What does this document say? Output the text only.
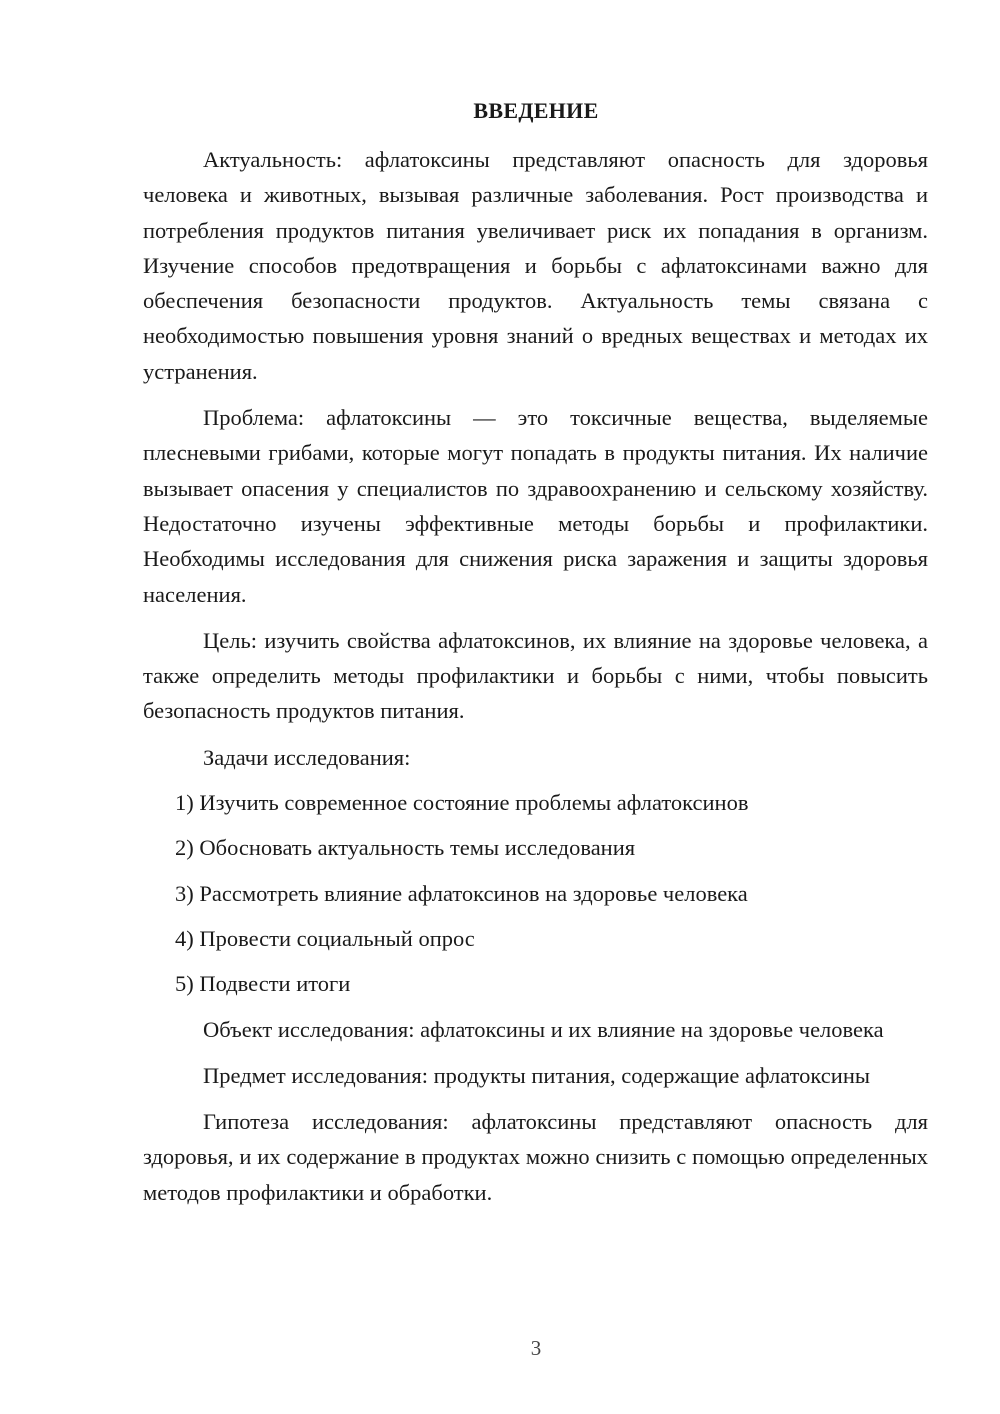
ВВЕДЕНИЕ

Актуальность: афлатоксины представляют опасность для здоровья человека и животных, вызывая различные заболевания. Рост производства и потребления продуктов питания увеличивает риск их попадания в организм. Изучение способов предотвращения и борьбы с афлатоксинами важно для обеспечения безопасности продуктов. Актуальность темы связана с необходимостью повышения уровня знаний о вредных веществах и методах их устранения.

Проблема: афлатоксины — это токсичные вещества, выделяемые плесневыми грибами, которые могут попадать в продукты питания. Их наличие вызывает опасения у специалистов по здравоохранению и сельскому хозяйству. Недостаточно изучены эффективные методы борьбы и профилактики. Необходимы исследования для снижения риска заражения и защиты здоровья населения.

Цель: изучить свойства афлатоксинов, их влияние на здоровье человека, а также определить методы профилактики и борьбы с ними, чтобы повысить безопасность продуктов питания.

Задачи исследования:

1) Изучить современное состояние проблемы афлатоксинов

2) Обосновать актуальность темы исследования

3) Рассмотреть влияние афлатоксинов на здоровье человека

4) Провести социальный опрос

5) Подвести итоги

Объект исследования: афлатоксины и их влияние на здоровье человека

Предмет исследования: продукты питания, содержащие афлатоксины

Гипотеза исследования: афлатоксины представляют опасность для здоровья, и их содержание в продуктах можно снизить с помощью определенных методов профилактики и обработки.

3
